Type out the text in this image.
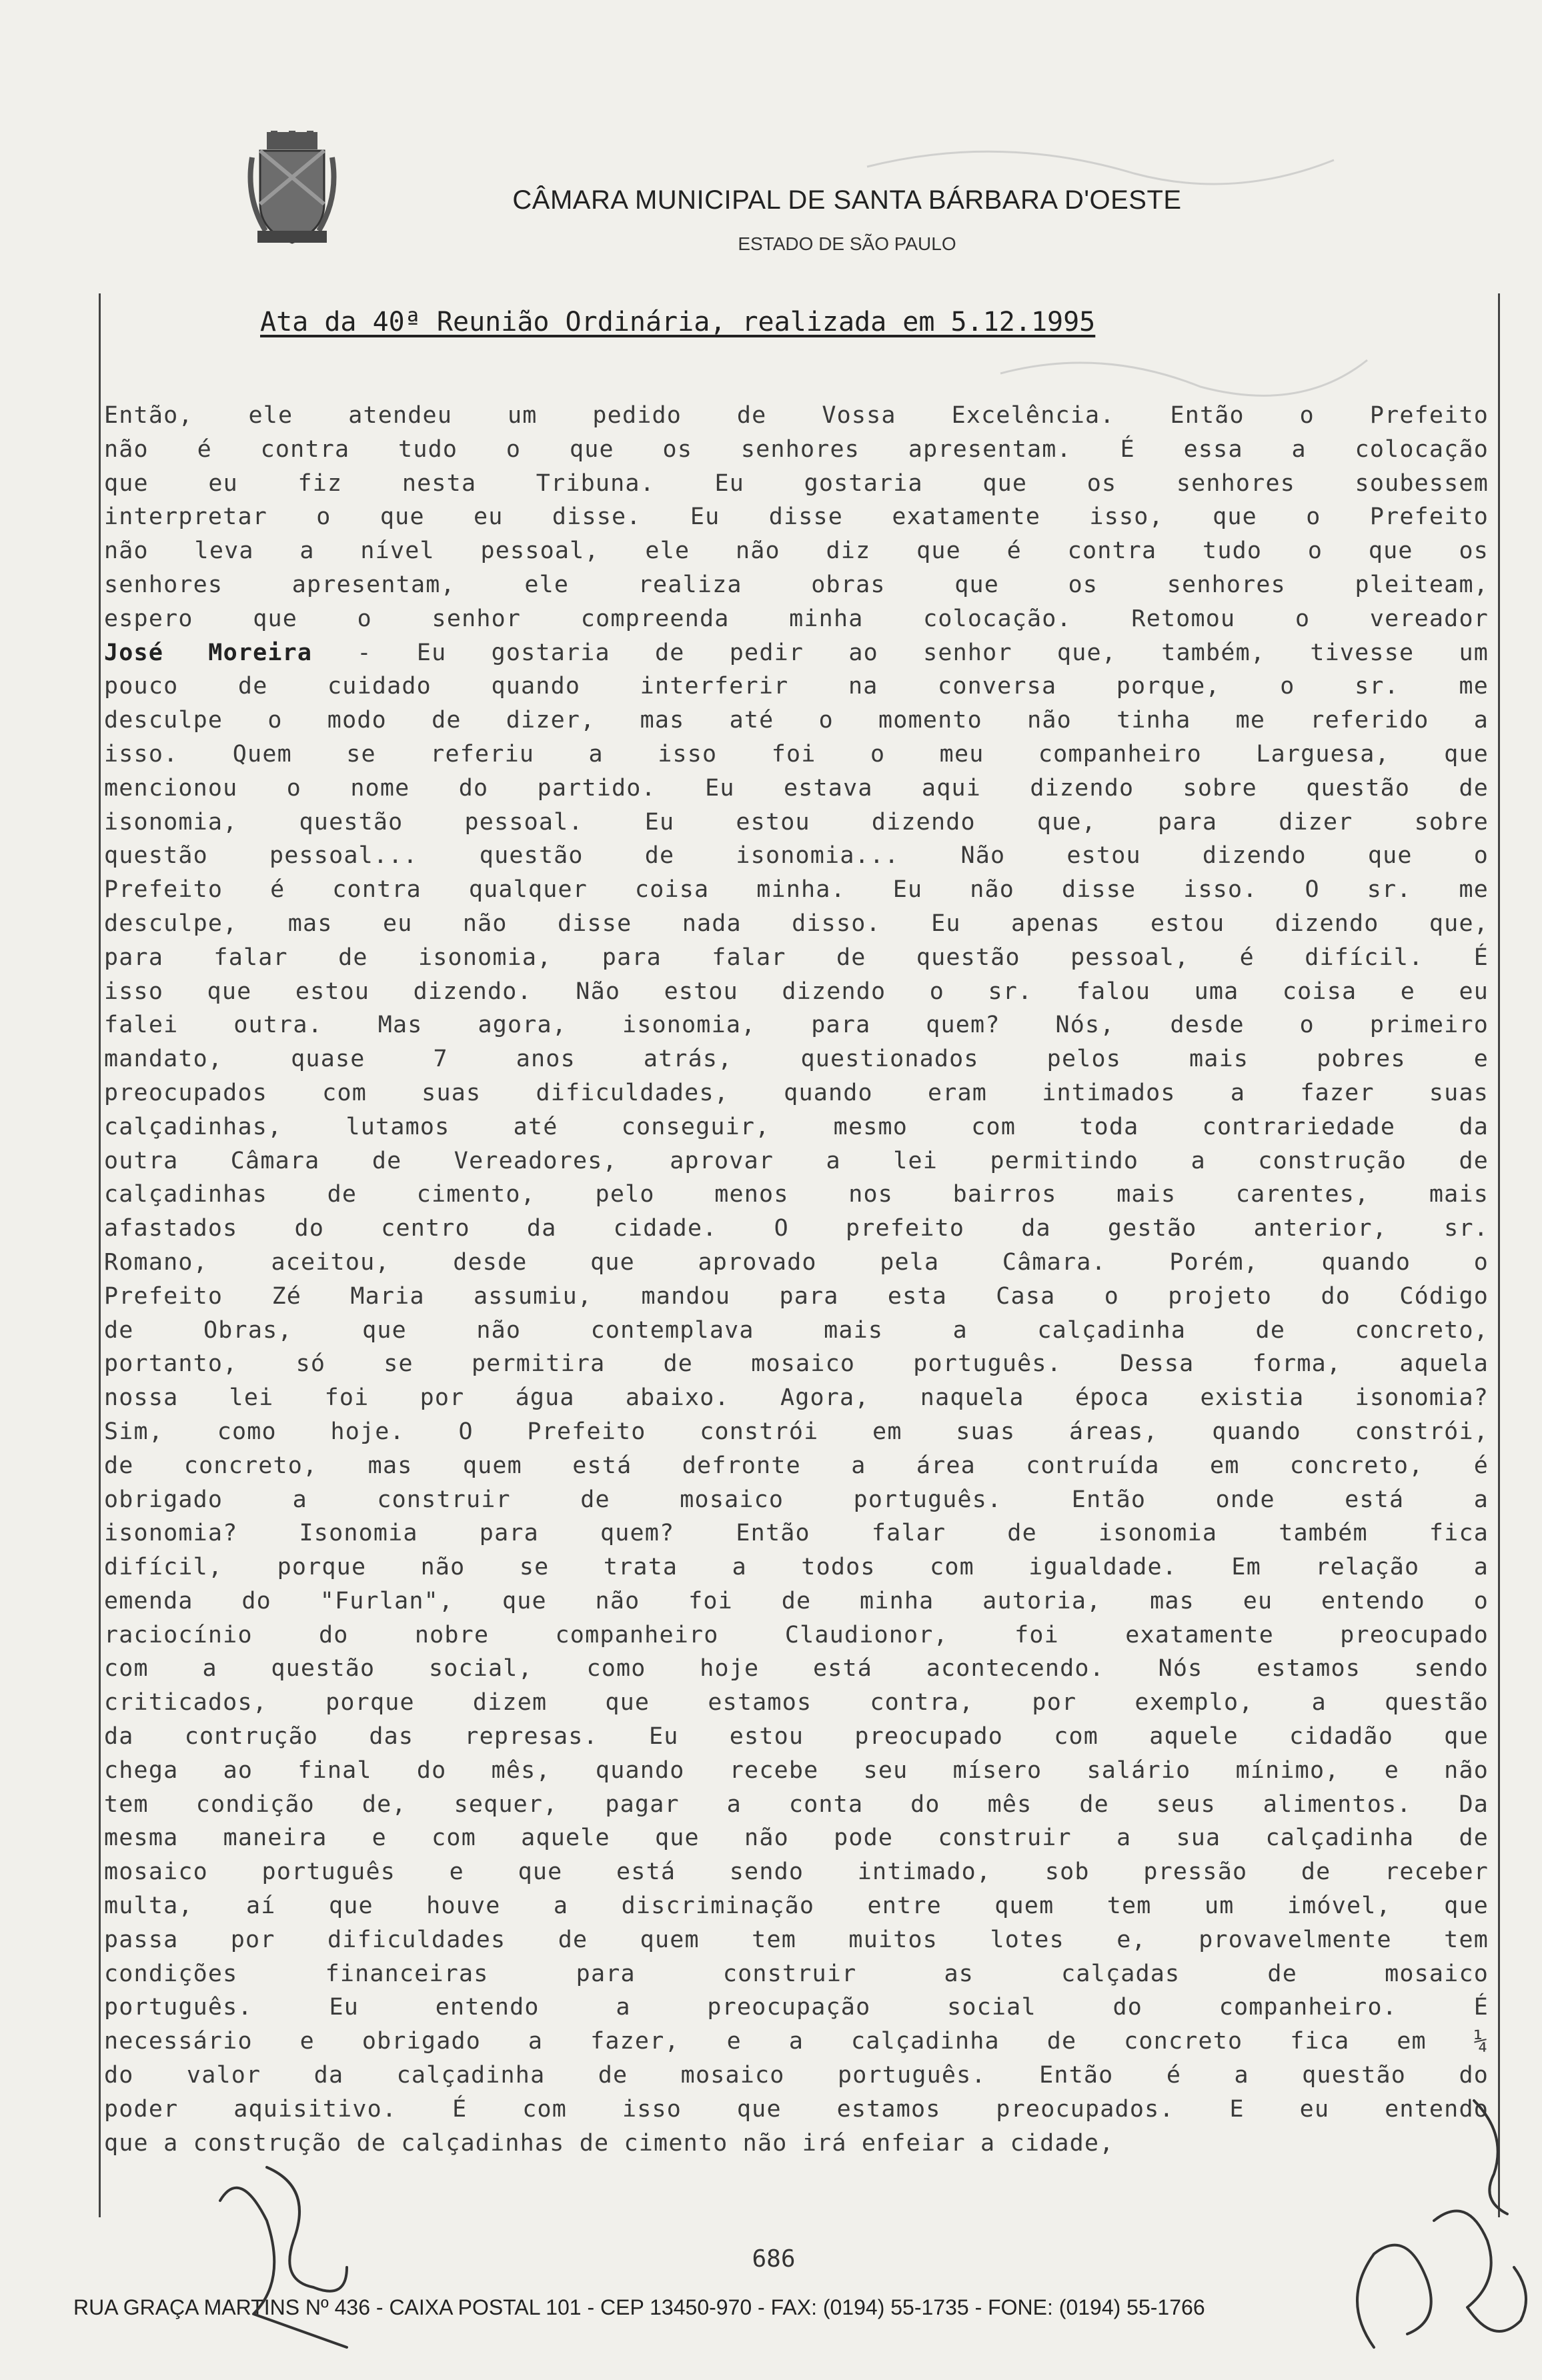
CÂMARA MUNICIPAL DE SANTA BÁRBARA D'OESTE
ESTADO DE SÃO PAULO
Ata da 40ª Reunião Ordinária, realizada em 5.12.1995
Então, ele atendeu um pedido de Vossa Excelência. Então o Prefeito
não é contra tudo o que os senhores apresentam. É essa a colocação
que eu fiz nesta Tribuna. Eu gostaria que os senhores soubessem
interpretar o que eu disse. Eu disse exatamente isso, que o Prefeito
não leva a nível pessoal, ele não diz que é contra tudo o que os
senhores apresentam, ele realiza obras que os senhores pleiteam,
espero que o senhor compreenda minha colocação. Retomou o vereador
José Moreira - Eu gostaria de pedir ao senhor que, também, tivesse um
pouco de cuidado quando interferir na conversa porque, o sr. me
desculpe o modo de dizer, mas até o momento não tinha me referido a
isso. Quem se referiu a isso foi o meu companheiro Larguesa, que
mencionou o nome do partido. Eu estava aqui dizendo sobre questão de
isonomia, questão pessoal. Eu estou dizendo que, para dizer sobre
questão pessoal... questão de isonomia... Não estou dizendo que o
Prefeito é contra qualquer coisa minha. Eu não disse isso. O sr. me
desculpe, mas eu não disse nada disso. Eu apenas estou dizendo que,
para falar de isonomia, para falar de questão pessoal, é difícil. É
isso que estou dizendo. Não estou dizendo o sr. falou uma coisa e eu
falei outra. Mas agora, isonomia, para quem? Nós, desde o primeiro
mandato, quase 7 anos atrás, questionados pelos mais pobres e
preocupados com suas dificuldades, quando eram intimados a fazer suas
calçadinhas, lutamos até conseguir, mesmo com toda contrariedade da
outra Câmara de Vereadores, aprovar a lei permitindo a construção de
calçadinhas de cimento, pelo menos nos bairros mais carentes, mais
afastados do centro da cidade. O prefeito da gestão anterior, sr.
Romano, aceitou, desde que aprovado pela Câmara. Porém, quando o
Prefeito Zé Maria assumiu, mandou para esta Casa o projeto do Código
de Obras, que não contemplava mais a calçadinha de concreto,
portanto, só se permitira de mosaico português. Dessa forma, aquela
nossa lei foi por água abaixo. Agora, naquela época existia isonomia?
Sim, como hoje. O Prefeito constrói em suas áreas, quando constrói,
de concreto, mas quem está defronte a área contruída em concreto, é
obrigado a construir de mosaico português. Então onde está a
isonomia? Isonomia para quem? Então falar de isonomia também fica
difícil, porque não se trata a todos com igualdade. Em relação a
emenda do "Furlan", que não foi de minha autoria, mas eu entendo o
raciocínio do nobre companheiro Claudionor, foi exatamente preocupado
com a questão social, como hoje está acontecendo. Nós estamos sendo
criticados, porque dizem que estamos contra, por exemplo, a questão
da contrução das represas. Eu estou preocupado com aquele cidadão que
chega ao final do mês, quando recebe seu mísero salário mínimo, e não
tem condição de, sequer, pagar a conta do mês de seus alimentos. Da
mesma maneira e com aquele que não pode construir a sua calçadinha de
mosaico português e que está sendo intimado, sob pressão de receber
multa, aí que houve a discriminação entre quem tem um imóvel, que
passa por dificuldades de quem tem muitos lotes e, provavelmente tem
condições financeiras para construir as calçadas de mosaico
português. Eu entendo a preocupação social do companheiro. É
necessário e obrigado a fazer, e a calçadinha de concreto fica em ¼
do valor da calçadinha de mosaico português. Então é a questão do
poder aquisitivo. É com isso que estamos preocupados. E eu entendo
que a construção de calçadinhas de cimento não irá enfeiar a cidade,
686
RUA GRAÇA MARTINS Nº 436 - CAIXA POSTAL 101 - CEP 13450-970 - FAX: (0194) 55-1735 - FONE: (0194) 55-1766
